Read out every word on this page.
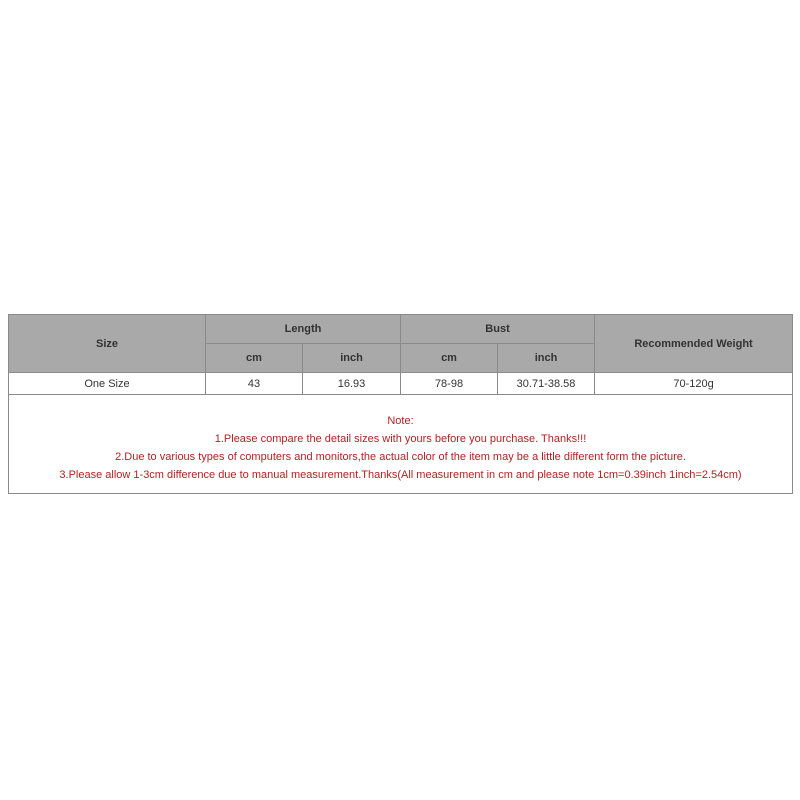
Size	Length		Bust		Recommended Weight
	cm	inch	cm	inch	
One Size	43	16.93	78-98	30.71-38.58	70-120g

Note:
1.Please compare the detail sizes with yours before you purchase. Thanks!!!
2.Due to various types of computers and monitors,the actual color of the item may be a little different form the picture.
3.Please allow 1-3cm difference due to manual measurement.Thanks(All measurement in cm and please note 1cm=0.39inch 1inch=2.54cm)					
